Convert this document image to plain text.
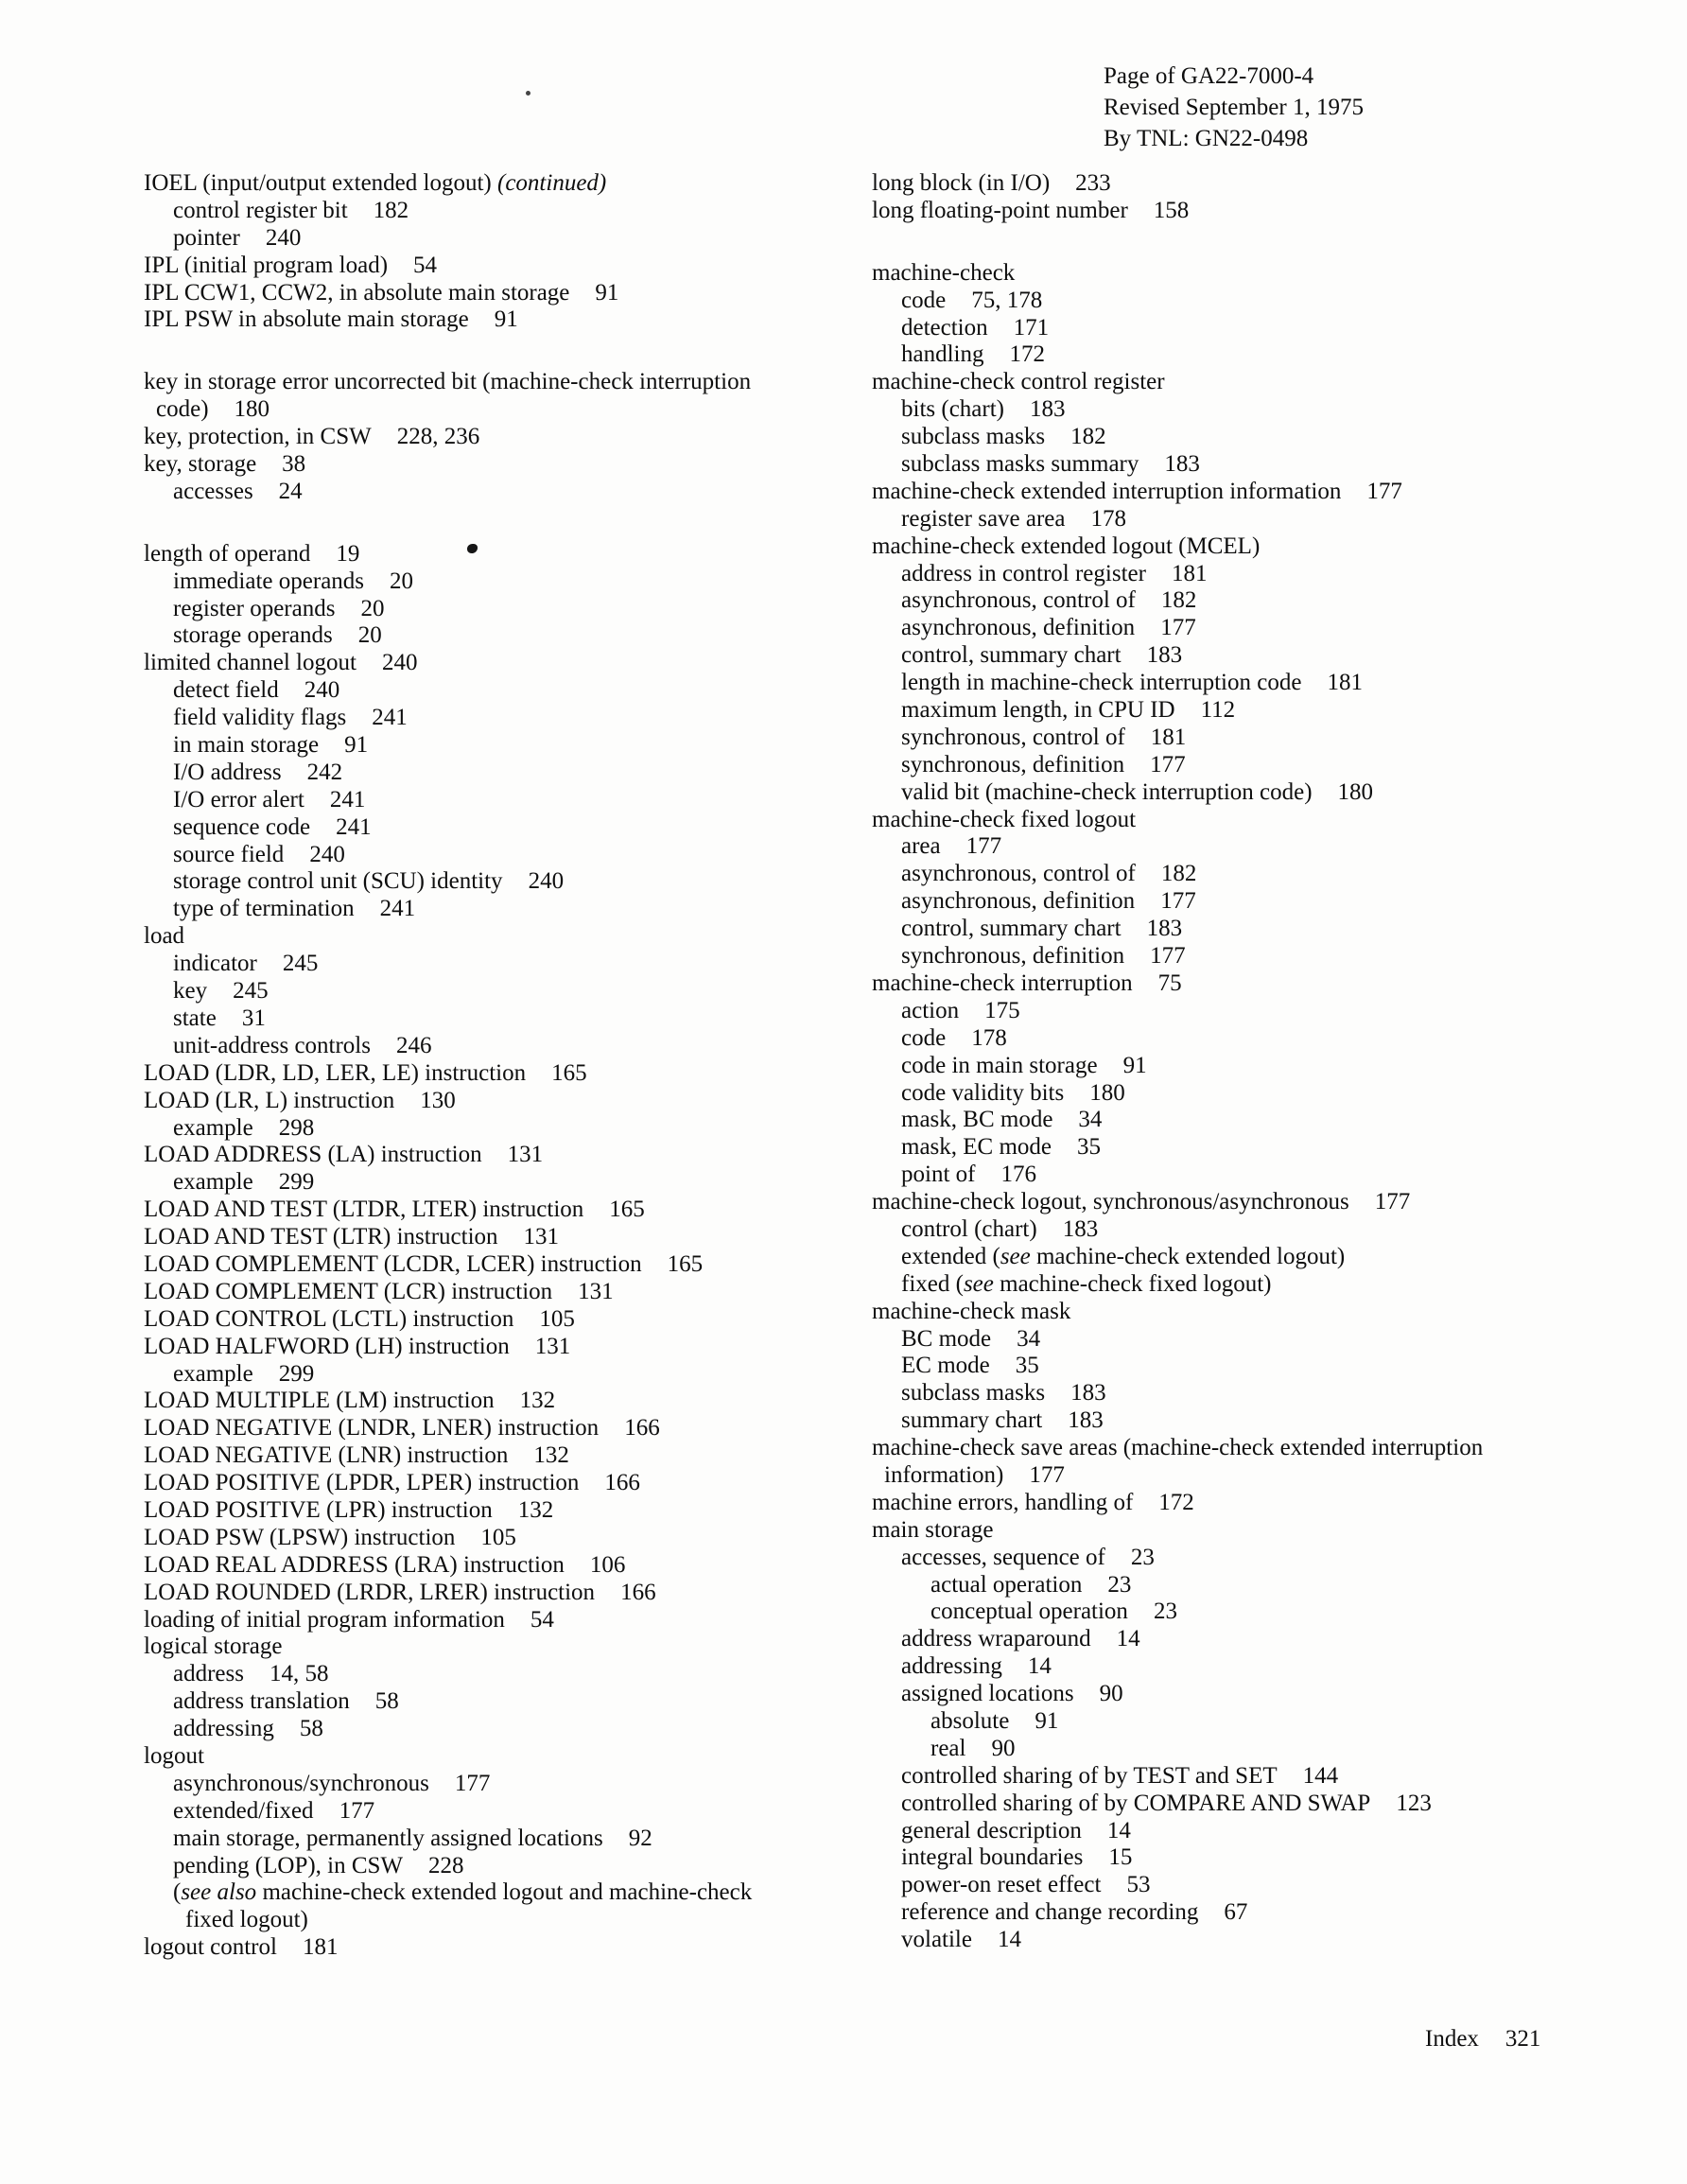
Page of GA22-7000-4
Revised September 1, 1975
By TNL: GN22-0498
IOEL (input/output extended logout) (continued)
control register bit 182
pointer 240
IPL (initial program load) 54
IPL CCW1, CCW2, in absolute main storage 91
IPL PSW in absolute main storage 91
key in storage error uncorrected bit (machine-check interruption
code) 180
key, protection, in CSW 228, 236
key, storage 38
accesses 24
length of operand 19
immediate operands 20
register operands 20
storage operands 20
limited channel logout 240
detect field 240
field validity flags 241
in main storage 91
I/O address 242
I/O error alert 241
sequence code 241
source field 240
storage control unit (SCU) identity 240
type of termination 241
load
indicator 245
key 245
state 31
unit-address controls 246
LOAD (LDR, LD, LER, LE) instruction 165
LOAD (LR, L) instruction 130
example 298
LOAD ADDRESS (LA) instruction 131
example 299
LOAD AND TEST (LTDR, LTER) instruction 165
LOAD AND TEST (LTR) instruction 131
LOAD COMPLEMENT (LCDR, LCER) instruction 165
LOAD COMPLEMENT (LCR) instruction 131
LOAD CONTROL (LCTL) instruction 105
LOAD HALFWORD (LH) instruction 131
example 299
LOAD MULTIPLE (LM) instruction 132
LOAD NEGATIVE (LNDR, LNER) instruction 166
LOAD NEGATIVE (LNR) instruction 132
LOAD POSITIVE (LPDR, LPER) instruction 166
LOAD POSITIVE (LPR) instruction 132
LOAD PSW (LPSW) instruction 105
LOAD REAL ADDRESS (LRA) instruction 106
LOAD ROUNDED (LRDR, LRER) instruction 166
loading of initial program information 54
logical storage
address 14, 58
address translation 58
addressing 58
logout
asynchronous/synchronous 177
extended/fixed 177
main storage, permanently assigned locations 92
pending (LOP), in CSW 228
(see also machine-check extended logout and machine-check
fixed logout)
logout control 181
long block (in I/O) 233
long floating-point number 158
machine-check
code 75, 178
detection 171
handling 172
machine-check control register
bits (chart) 183
subclass masks 182
subclass masks summary 183
machine-check extended interruption information 177
register save area 178
machine-check extended logout (MCEL)
address in control register 181
asynchronous, control of 182
asynchronous, definition 177
control, summary chart 183
length in machine-check interruption code 181
maximum length, in CPU ID 112
synchronous, control of 181
synchronous, definition 177
valid bit (machine-check interruption code) 180
machine-check fixed logout
area 177
asynchronous, control of 182
asynchronous, definition 177
control, summary chart 183
synchronous, definition 177
machine-check interruption 75
action 175
code 178
code in main storage 91
code validity bits 180
mask, BC mode 34
mask, EC mode 35
point of 176
machine-check logout, synchronous/asynchronous 177
control (chart) 183
extended (see machine-check extended logout)
fixed (see machine-check fixed logout)
machine-check mask
BC mode 34
EC mode 35
subclass masks 183
summary chart 183
machine-check save areas (machine-check extended interruption
information) 177
machine errors, handling of 172
main storage
accesses, sequence of 23
actual operation 23
conceptual operation 23
address wraparound 14
addressing 14
assigned locations 90
absolute 91
real 90
controlled sharing of by TEST and SET 144
controlled sharing of by COMPARE AND SWAP 123
general description 14
integral boundaries 15
power-on reset effect 53
reference and change recording 67
volatile 14
Index 321
